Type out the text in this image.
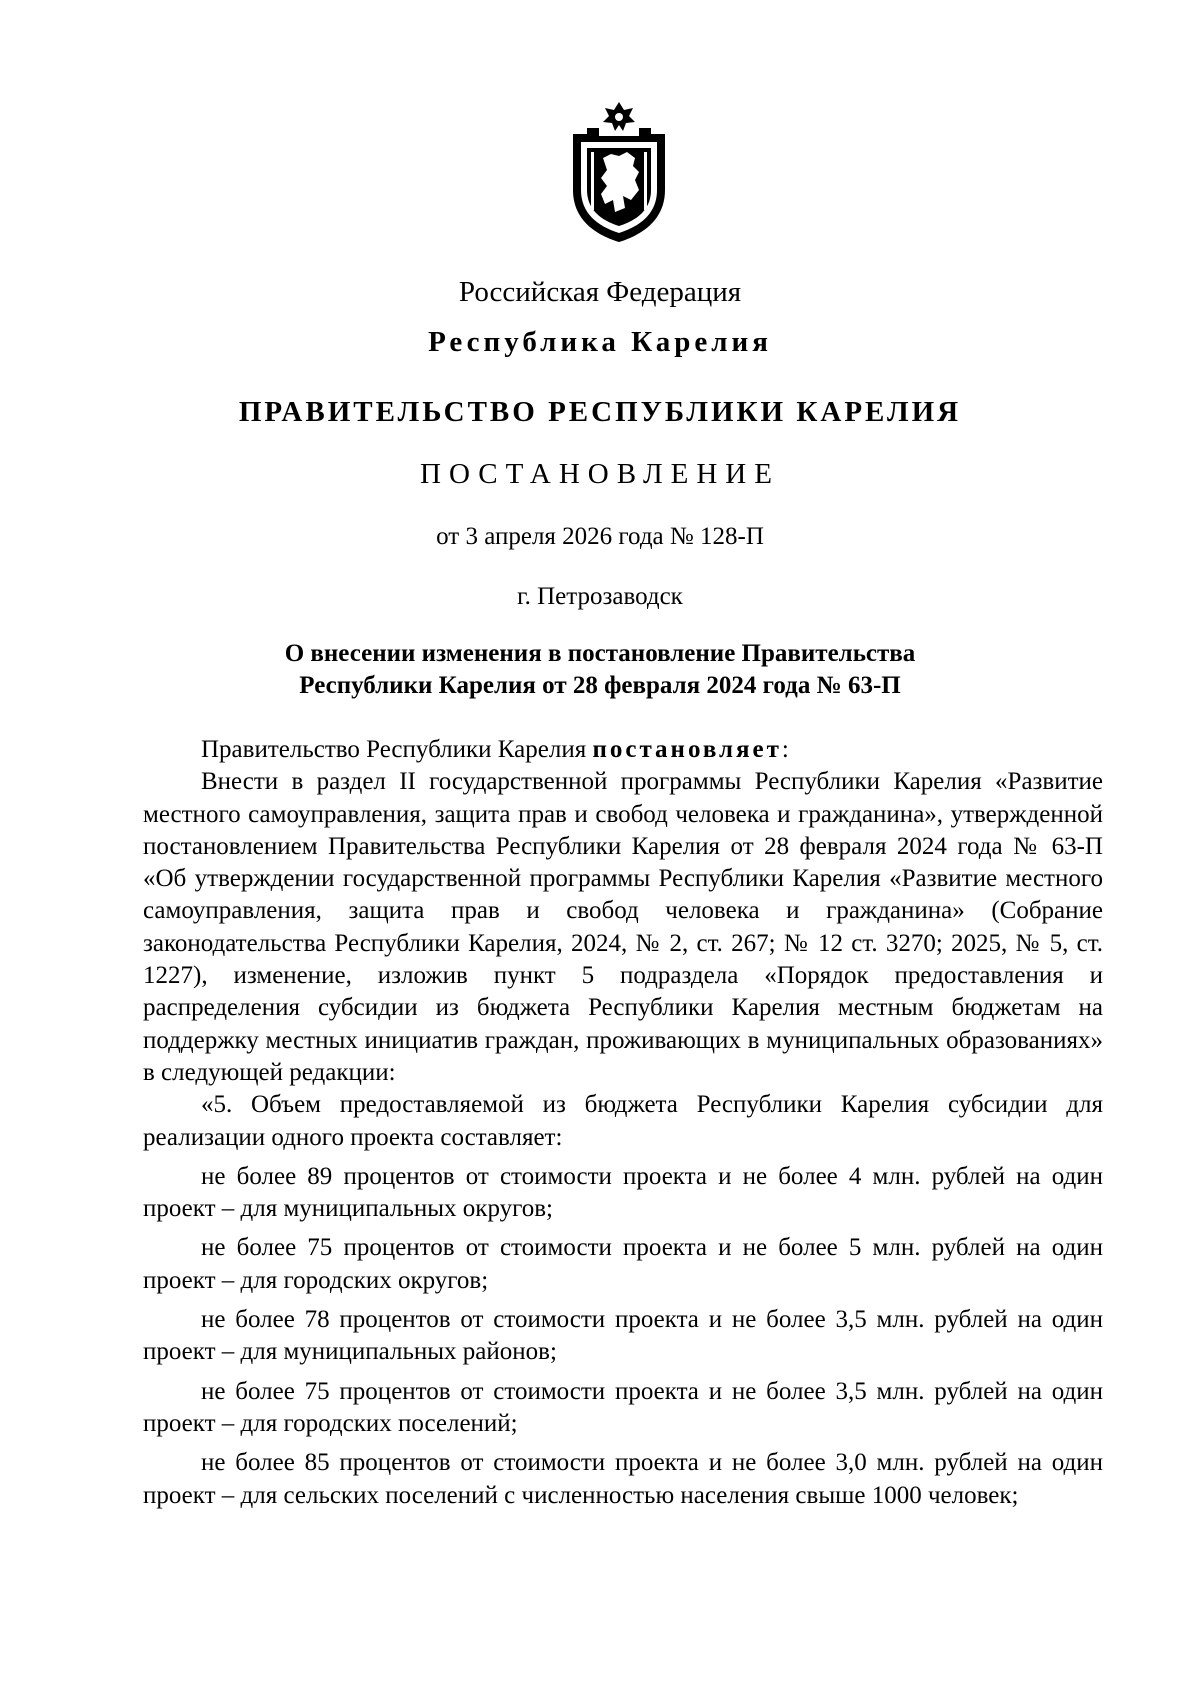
Российская Федерация
Республика Карелия
ПРАВИТЕЛЬСТВО РЕСПУБЛИКИ КАРЕЛИЯ
ПОСТАНОВЛЕНИЕ
от 3 апреля 2026 года № 128-П
г. Петрозаводск
О внесении изменения в постановление Правительства
Республики Карелия от 28 февраля 2024 года № 63-П

Правительство Республики Карелия постановляет:

Внести в раздел II государственной программы Республики Карелия «Развитие местного самоуправления, защита прав и свобод человека и гражданина», утвержденной постановлением Правительства Республики Карелия от 28 февраля 2024 года № 63-П «Об утверждении государственной программы Республики Карелия «Развитие местного самоуправления, защита прав и свобод человека и гражданина» (Собрание законодательства Республики Карелия, 2024, № 2, ст. 267; № 12 ст. 3270; 2025, № 5, ст. 1227), изменение, изложив пункт 5 подраздела «Порядок предоставления и распределения субсидии из бюджета Республики Карелия местным бюджетам на поддержку местных инициатив граждан, проживающих в муниципальных образованиях» в следующей редакции:

«5. Объем предоставляемой из бюджета Республики Карелия субсидии для реализации одного проекта составляет:

не более 89 процентов от стоимости проекта и не более 4 млн. рублей на один проект – для муниципальных округов;

не более 75 процентов от стоимости проекта и не более 5 млн. рублей на один проект – для городских округов;

не более 78 процентов от стоимости проекта и не более 3,5 млн. рублей на один проект – для муниципальных районов;

не более 75 процентов от стоимости проекта и не более 3,5 млн. рублей на один проект – для городских поселений;

не более 85 процентов от стоимости проекта и не более 3,0 млн. рублей на один проект – для сельских поселений с численностью населения свыше 1000 человек;
